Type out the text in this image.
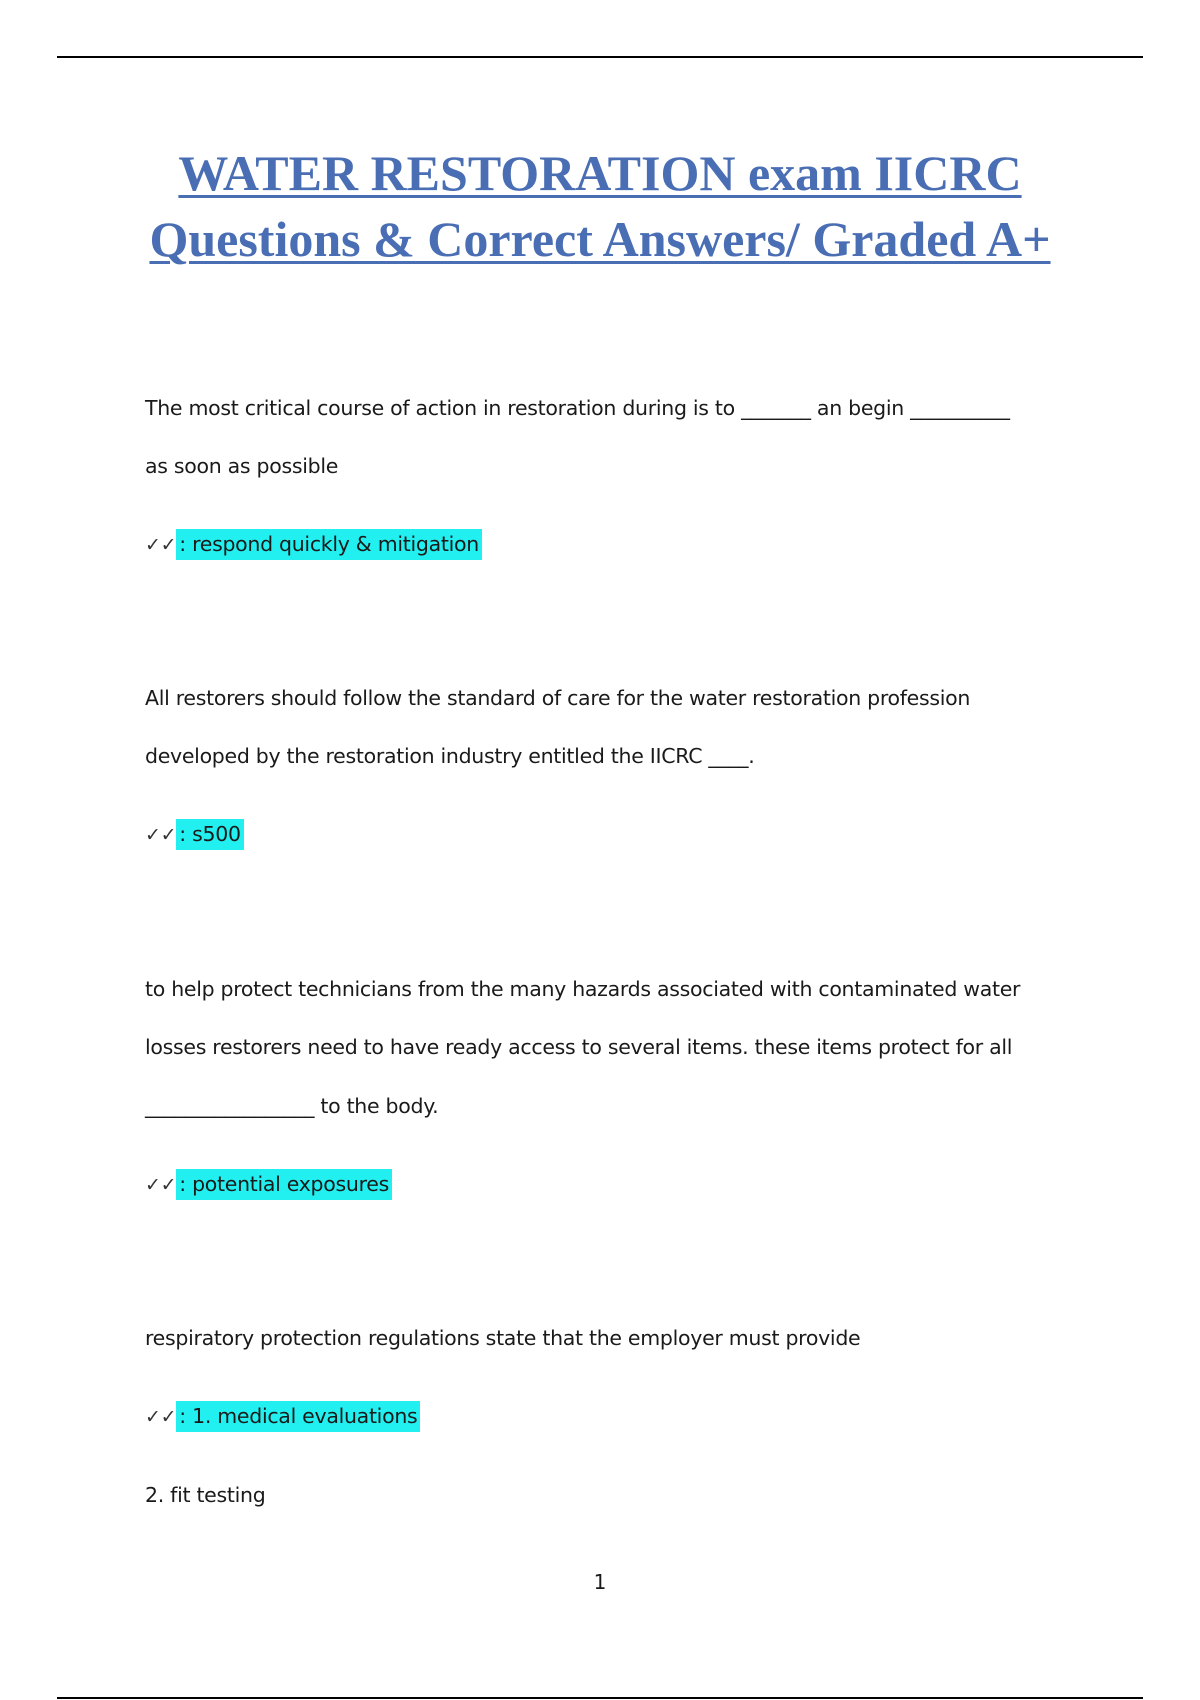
WATER RESTORATION exam IICRC
Questions & Correct Answers/ Graded A+
The most critical course of action in restoration during is to _______ an begin __________
as soon as possible
✓✓ : respond quickly & mitigation
All restorers should follow the standard of care for the water restoration profession
developed by the restoration industry entitled the IICRC ____.
✓✓ : s500
to help protect technicians from the many hazards associated with contaminated water
losses restorers need to have ready access to several items. these items protect for all
_________________ to the body.
✓✓ : potential exposures
respiratory protection regulations state that the employer must provide
✓✓ : 1. medical evaluations
2. fit testing
1
